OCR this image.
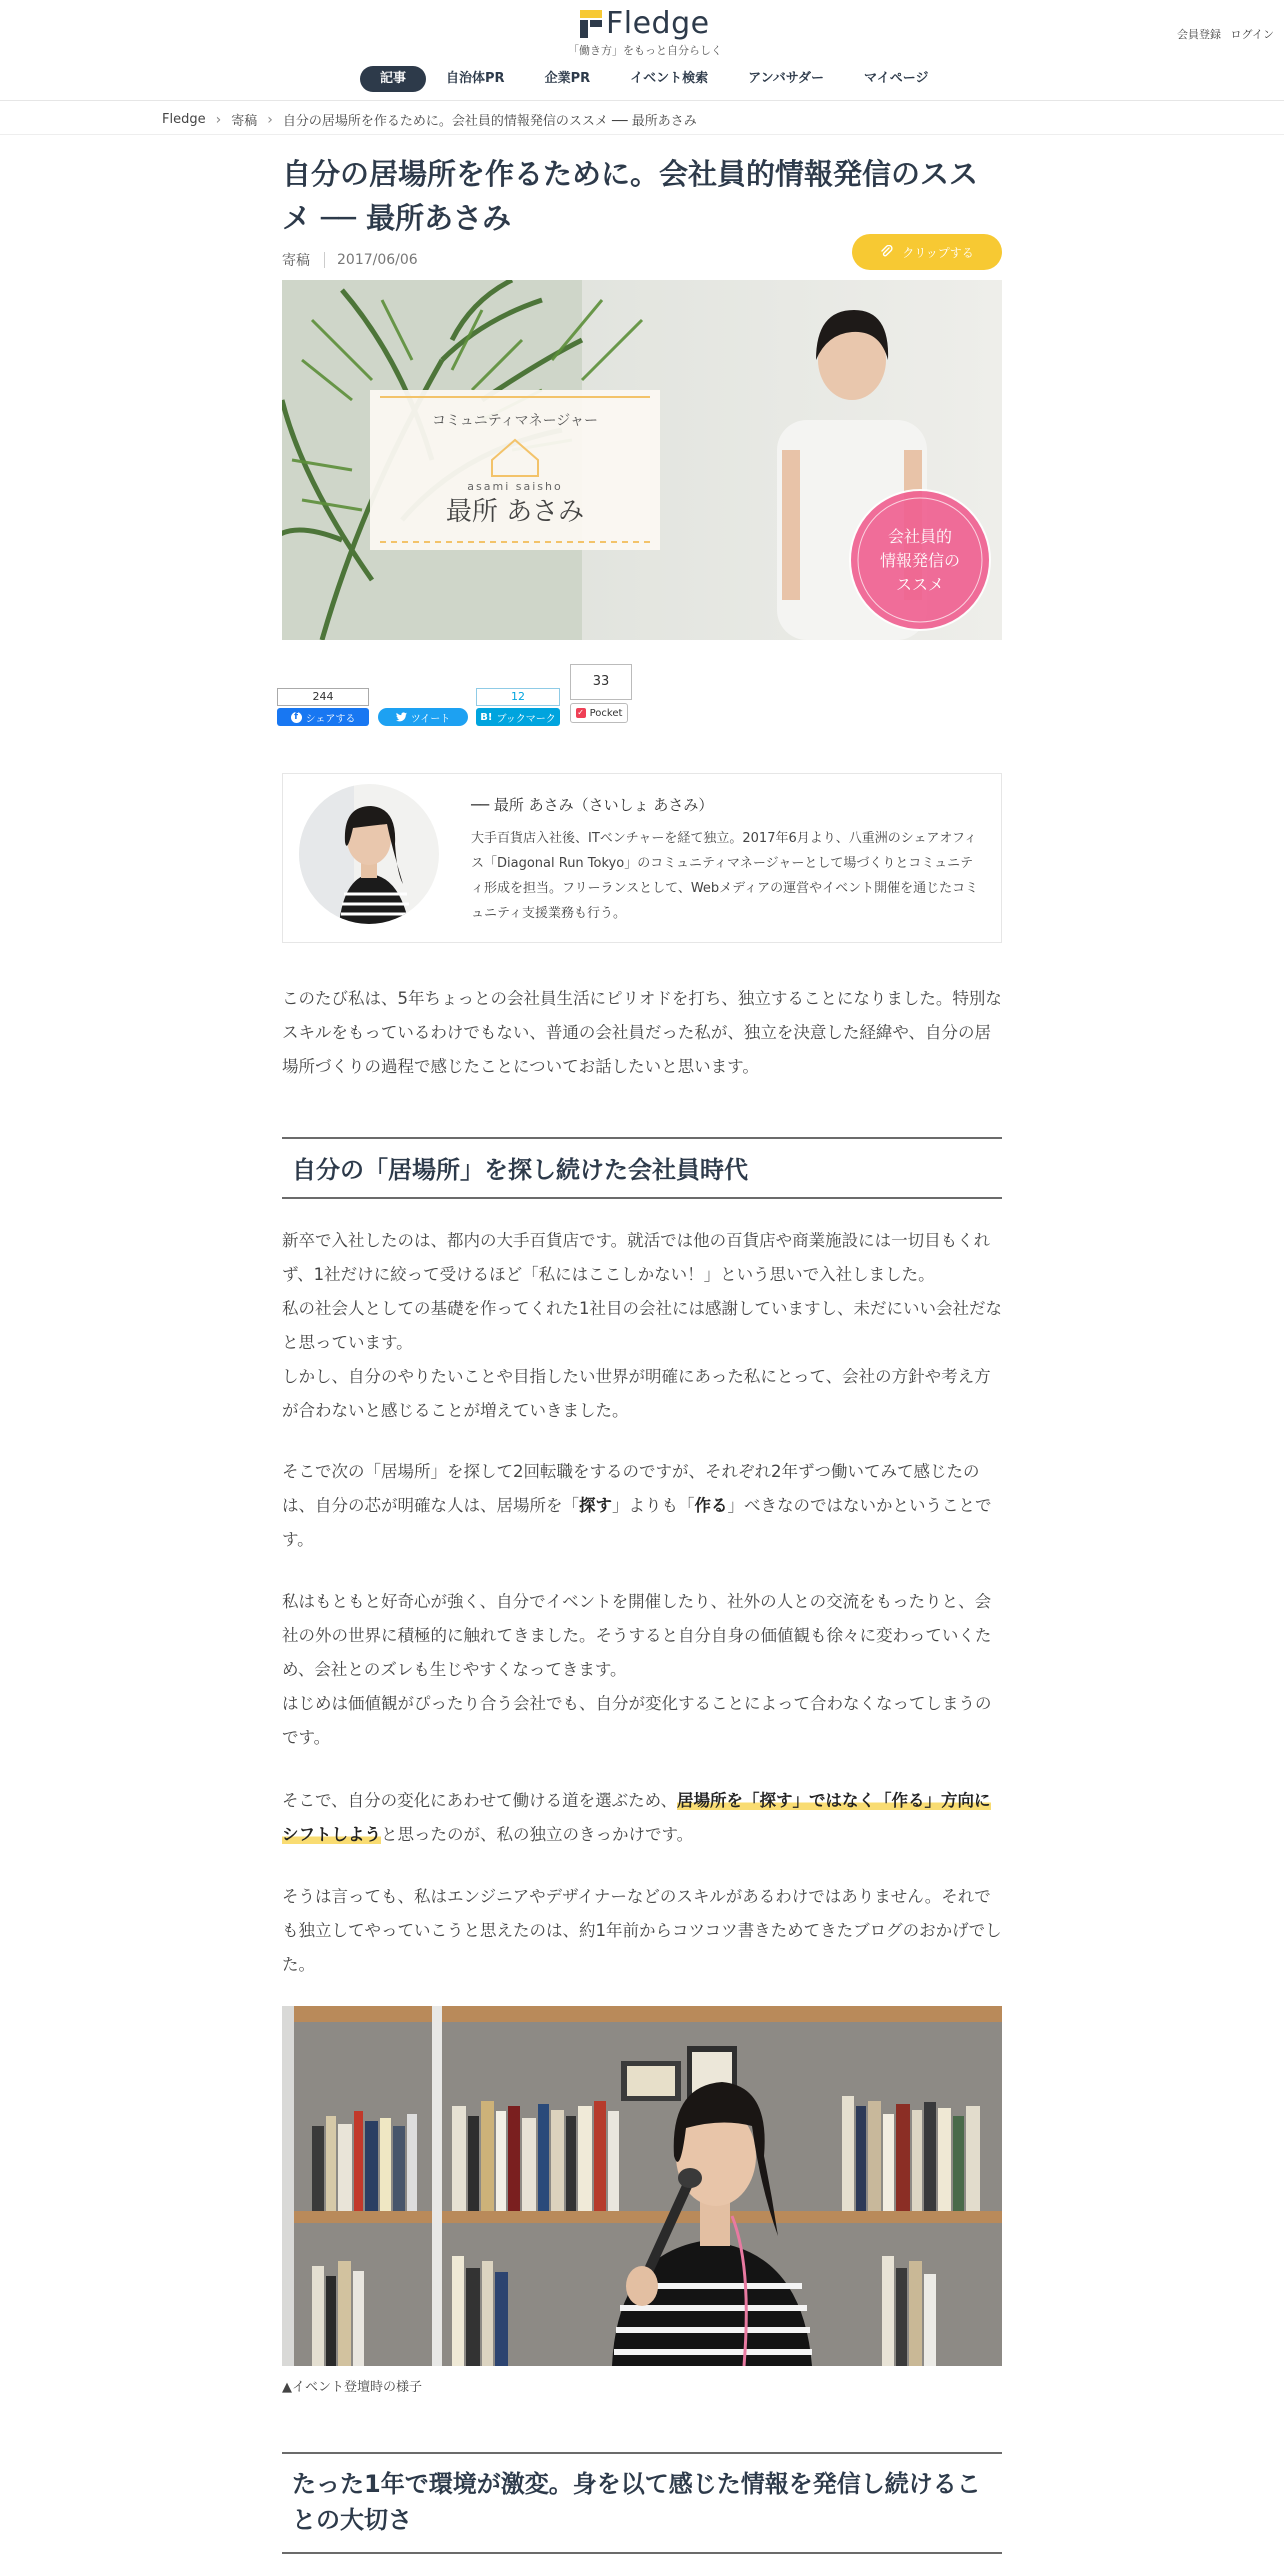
Fledge
「働き方」をもっと自分らしく
会員登録 ログイン
記事	自治体PR	企業PR	イベント検索	アンバサダー	マイページ
Fledge › 寄稿 › 自分の居場所を作るために。会社員的情報発信のススメ ── 最所あさみ
自分の居場所を作るために。会社員的情報発信のススメ ── 最所あさみ
寄稿	2017/06/06	クリップする
コミュニティマネージャー
asami saisho
最所 あさみ
会社員的
情報発信の
ススメ
244
f シェアする	ツイート
12
B! ブックマーク
33
✓ Pocket
── 最所 あさみ（さいしょ あさみ）
大手百貨店入社後、ITベンチャーを経て独立。2017年6月より、八重洲のシェアオフィス「Diagonal Run Tokyo」のコミュニティマネージャーとして場づくりとコミュニティ形成を担当。フリーランスとして、Webメディアの運営やイベント開催を通じたコミュニティ支援業務も行う。
このたび私は、5年ちょっとの会社員生活にピリオドを打ち、独立することになりました。特別なスキルをもっているわけでもない、普通の会社員だった私が、独立を決意した経緯や、自分の居場所づくりの過程で感じたことについてお話したいと思います。
自分の「居場所」を探し続けた会社員時代
新卒で入社したのは、都内の大手百貨店です。就活では他の百貨店や商業施設には一切目もくれず、1社だけに絞って受けるほど「私にはここしかない！」という思いで入社しました。
私の社会人としての基礎を作ってくれた1社目の会社には感謝していますし、未だにいい会社だなと思っています。
しかし、自分のやりたいことや目指したい世界が明確にあった私にとって、会社の方針や考え方が合わないと感じることが増えていきました。
そこで次の「居場所」を探して2回転職をするのですが、それぞれ2年ずつ働いてみて感じたのは、自分の芯が明確な人は、居場所を「探す」よりも「作る」べきなのではないかということです。
私はもともと好奇心が強く、自分でイベントを開催したり、社外の人との交流をもったりと、会社の外の世界に積極的に触れてきました。そうすると自分自身の価値観も徐々に変わっていくため、会社とのズレも生じやすくなってきます。
はじめは価値観がぴったり合う会社でも、自分が変化することによって合わなくなってしまうのです。
そこで、自分の変化にあわせて働ける道を選ぶため、居場所を「探す」ではなく「作る」方向にシフトしようと思ったのが、私の独立のきっかけです。
そうは言っても、私はエンジニアやデザイナーなどのスキルがあるわけではありません。それでも独立してやっていこうと思えたのは、約1年前からコツコツ書きためてきたブログのおかげでした。
▲イベント登壇時の様子
たった1年で環境が激変。身を以て感じた情報を発信し続けることの大切さ
